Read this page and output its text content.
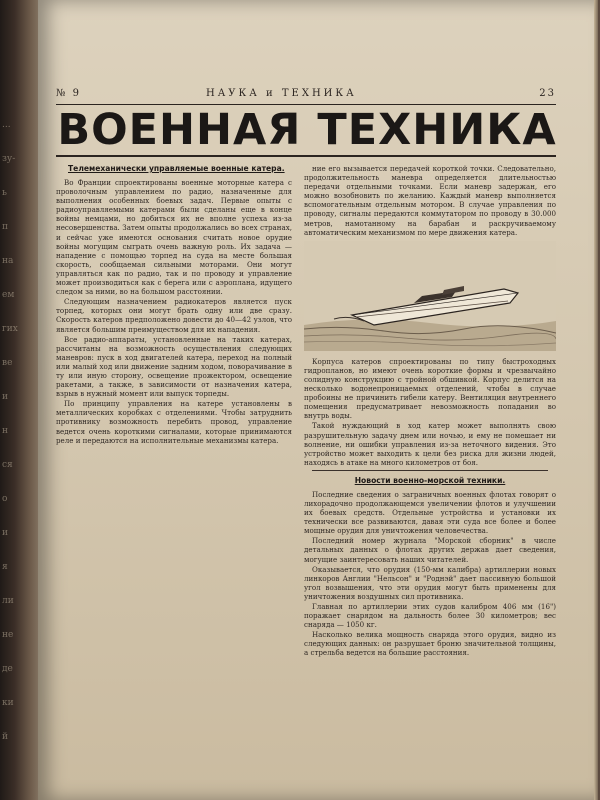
...
зу-
ь
п
на
ем
гих
ве
и
н
ся
о
и
я
ли
не
де
ки
й
№ 9	НАУКА и ТЕХНИКА	23
ВОЕННАЯ ТЕХНИКА
Телемеханически управляемые военные катера.

Во Франции спроектированы военные моторные катера с проволочным управлением по радио, назначенные для выполнения особенных боевых задач. Первые опыты с радиоуправляемыми катерами были сделаны еще в конце войны немцами, но добиться их не вполне успеха из-за несовершенства. Затем опыты продолжались во всех странах, и сейчас уже имеются основания считать новое орудие войны могущим сыграть очень важную роль. Их задача — нападение с помощью торпед на суда на месте большая скорость, сообщаемая сильными моторами. Они могут управляться как по радио, так и по проводу и управление может производиться как с берега или с аэроплана, идущего следом за ними, во на большом расстоянии.

Следующим назначением радиокатеров является пуск торпед, которых они могут брать одну или две сразу. Скорость катеров предположено довести до 40—42 узлов, что является большим преимуществом для их нападения.

Все радио-аппараты, установленные на таких катерах, рассчитаны на возможность осуществления следующих маневров: пуск в ход двигателей катера, переход на полный или малый ход или движение задним ходом, поворачивание в ту или иную сторону, освещение прожектором, освещение ракетами, а также, в зависимости от назначения катера, взрыв в нужный момент или выпуск торпеды.

По принципу управления на катере установлены в металлических коробках с отделениями. Чтобы затруднить противнику возможность перебить провод, управление ведется очень короткими сигналами, которые принимаются реле и передаются на исполнительные механизмы катера.

ние его вызывается передачей короткой точки. Следовательно, продолжительность маневра определяется длительностью передачи отдельными точками. Если маневр задержан, его можно возобновить по желанию. Каждый маневр выполняется вспомогательным отдельным мотором. В случае управления по проводу, сигналы передаются коммутатором по проводу в 30.000 метров, намотанному на барабан и раскручиваемому автоматическим механизмом по мере движения катера.

Корпуса катеров спроектированы по типу быстроходных гидропланов, но имеют очень короткие формы и чрезвычайно солидную конструкцию с тройной обшивкой. Корпус делится на несколько водонепроницаемых отделений, чтобы в случае пробоины не причинить гибели катеру. Вентиляция внутреннего помещения предусматривает невозможность попадания во внутрь воды.

Такой нуждающий в ход катер может выполнять свою разрушительную задачу днем или ночью, и ему не помешает ни волнение, ни ошибки управления из-за неточного видения. Это устройство может выходить к цели без риска для жизни людей, находясь в атаке на много километров от боя.

Новости военно-морской техники.

Последние сведения о заграничных военных флотах говорят о лихорадочно продолжающемся увеличении флотов и улучшении их боевых средств. Отдельные устройства и установки их технически все развиваются, давая эти суда все более и более мощные орудия для уничтожения человечества.

Последний номер журнала "Морской сборник" в числе детальных данных о флотах других держав дает сведения, могущие заинтересовать наших читателей.

Оказывается, что орудия (150-мм калибра) артиллерии новых линкоров Англии "Нельсон" и "Роднэй" дает пассивную большой угол возвышения, что эти орудия могут быть применены для уничтожения воздушных сил противника.

Главная по артиллерии этих судов калибром 406 мм (16") поражает снарядом на дальность более 30 километров; вес снаряда — 1050 кг.

Насколько велика мощность снаряда этого орудия, видно из следующих данных: он разрушает броню значительной толщины, а стрельба ведется на большие расстояния.
